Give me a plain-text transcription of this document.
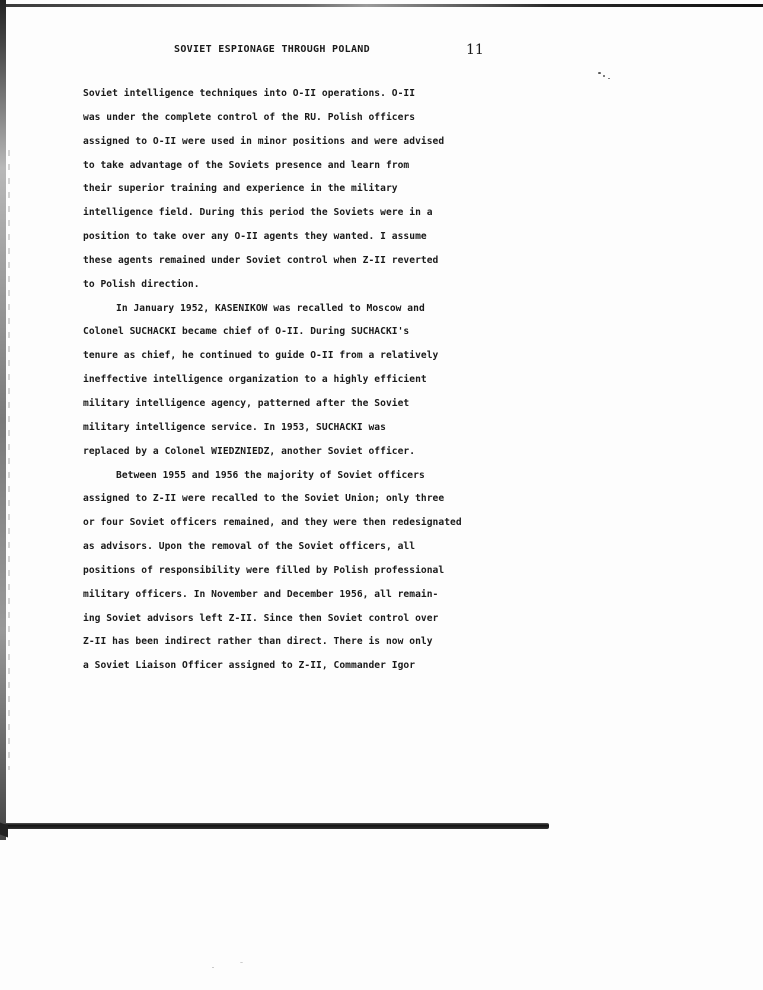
SOVIET ESPIONAGE THROUGH POLAND	11
Soviet intelligence techniques into O-II operations. O-II
was under the complete control of the RU. Polish officers
assigned to O-II were used in minor positions and were advised
to take advantage of the Soviets presence and learn from
their superior training and experience in the military
intelligence field. During this period the Soviets were in a
position to take over any O-II agents they wanted. I assume
these agents remained under Soviet control when Z-II reverted
to Polish direction.
In January 1952, KASENIKOW was recalled to Moscow and
Colonel SUCHACKI became chief of O-II. During SUCHACKI's
tenure as chief, he continued to guide O-II from a relatively
ineffective intelligence organization to a highly efficient
military intelligence agency, patterned after the Soviet
military intelligence service. In 1953, SUCHACKI was
replaced by a Colonel WIEDZNIEDZ, another Soviet officer.
Between 1955 and 1956 the majority of Soviet officers
assigned to Z-II were recalled to the Soviet Union; only three
or four Soviet officers remained, and they were then redesignated
as advisors. Upon the removal of the Soviet officers, all
positions of responsibility were filled by Polish professional
military officers. In November and December 1956, all remain-
ing Soviet advisors left Z-II. Since then Soviet control over
Z-II has been indirect rather than direct. There is now only
a Soviet Liaison Officer assigned to Z-II, Commander Igor
